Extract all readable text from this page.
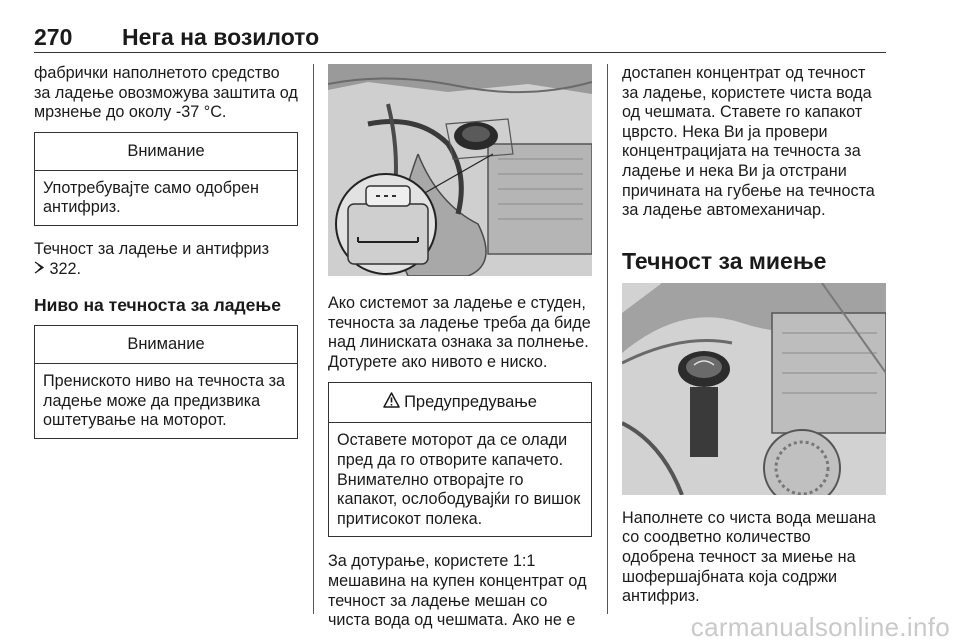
270 Нега на возилото

фабрички наполнетото средство за ладење овозможува заштита од мрзнење до околу -37 °C.

Внимание
Употребувајте само одобрен антифриз.

Течност за ладење и антифриз
322.

Ниво на течноста за ладење
Внимание
Прениското ниво на течноста за ладење може да предизвика оштетување на моторот.

Ако системот за ладење е студен, течноста за ладење треба да биде над линиската ознака за полнење. Дотурете ако нивото е ниско.

Предупредување
Оставете моторот да се олади пред да го отворите капачето. Внимателно отворајте го капакот, ослободувајќи го вишок притисокот полека.

За дотурање, користете 1:1 мешавина на купен концентрат од течност за ладење мешан со чиста вода од чешмата. Ако не е

достапен концентрат од течност за ладење, користете чиста вода од чешмата. Ставете го капакот цврсто. Нека Ви ја провери концентрацијата на течноста за ладење и нека Ви ја отстрани причината на губење на течноста за ладење автомеханичар.

Течност за миење

Наполнете со чиста вода мешана со соодветно количество одобрена течност за миење на шофершајбната која содржи антифриз.

carmanualsonline.info
